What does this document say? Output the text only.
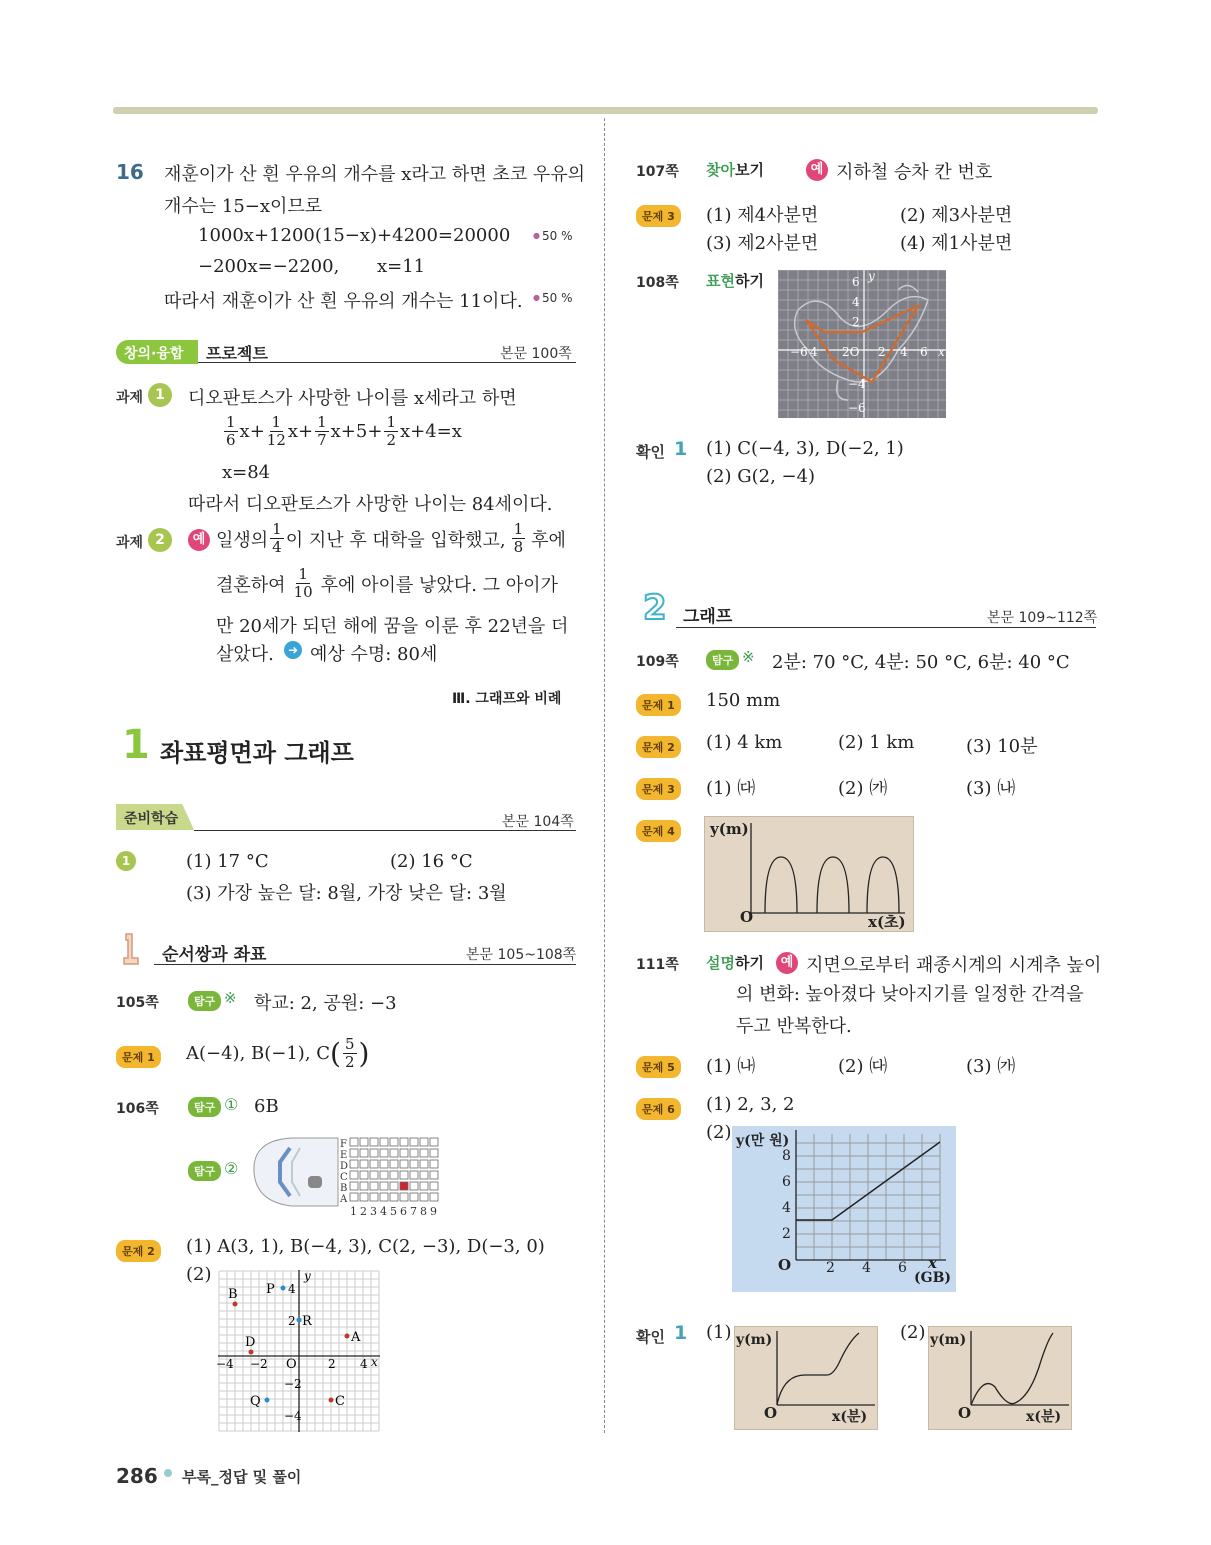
16 재훈이가 산 흰 우유의 개수를 x라고 하면 초코 우유의
개수는 15−x이므로
1000x+1200(15−x)+4200=20000	● 50 %
−200x=−2200, x=11
따라서 재훈이가 산 흰 우유의 개수는 11이다.	● 50 %
창의·융합 프로젝트	본문 100쪽
과제 1	디오판토스가 사망한 나이를 x세라고 하면
$\frac{1}{6} x+ \frac{1}{12} x+ \frac{1}{7} x+5+ \frac{1}{2} x+4=x$
x=84
따라서 디오판토스가 사망한 나이는 84세이다.
과제 2	예 일생의 $\frac{1}{4}$ 이 지난 후 대학을 입학했고, $\frac{1}{8}$ 후에
결혼하여 $\frac{1}{10}$ 후에 아이를 낳았다. 그 아이가
만 20세가 되던 해에 꿈을 이룬 후 22년을 더
살았다.	➜ 예상 수명: 80세
Ⅲ. 그래프와 비례
1 좌표평면과 그래프
준비학습	본문 104쪽
1	(1) 17 °C	(2) 16 °C
(3) 가장 높은 달: 8월, 가장 낮은 달: 3월
순서쌍과 좌표	본문 105~108쪽
105쪽	탐구 ※ 학교: 2, 공원: −3
문제 1	A(−4), B(−1), C ( $\frac{5}{2}$ )
106쪽	탐구 ① 6B
탐구 ②
F
E
D
C
B
A
1 2 3 4 5 6 7 8 9
문제 2	(1) A(3, 1), B(−4, 3), C(2, −3), D(−3, 0)
(2)
x
y
O
−4 −2	2 4
4
2
−2
−4
B P
R
A
D
Q	C
286 부록_정답 및 풀이
107쪽 찾아보기	예 지하철 승차 칸 번호
문제 3	(1) 제4사분면	(2) 제3사분면
(3) 제2사분면	(4) 제1사분면
108쪽 표현하기	6
4
2
−6 4 2O 2 4 6
−4
−6
x
y
확인 1 (1) C(−4, 3), D(−2, 1)
(2) G(2, −4)
2 그래프	본문 109~112쪽
109쪽	탐구 ※ 2분: 70 °C, 4분: 50 °C, 6분: 40 °C
문제 1	150 mm
문제 2	(1) 4 km	(2) 1 km	(3) 10분
문제 3	(1) ㈐	(2) ㈎	(3) ㈏
문제 4	y(m)
x(초)
O
111쪽 설명하기	예 지면으로부터 괘종시계의 시계추 높이
의 변화: 높아졌다 낮아지기를 일정한 간격을
두고 반복한다.
문제 5	(1) ㈏	(2) ㈐	(3) ㈎
문제 6	(1) 2, 3, 2
(2) y(만 원)
8
6
4
2
O 2 4 6 x
(GB)
확인 1 (1)	(2)
y(m)
O	x(분)
y(m)
O	x(분)
